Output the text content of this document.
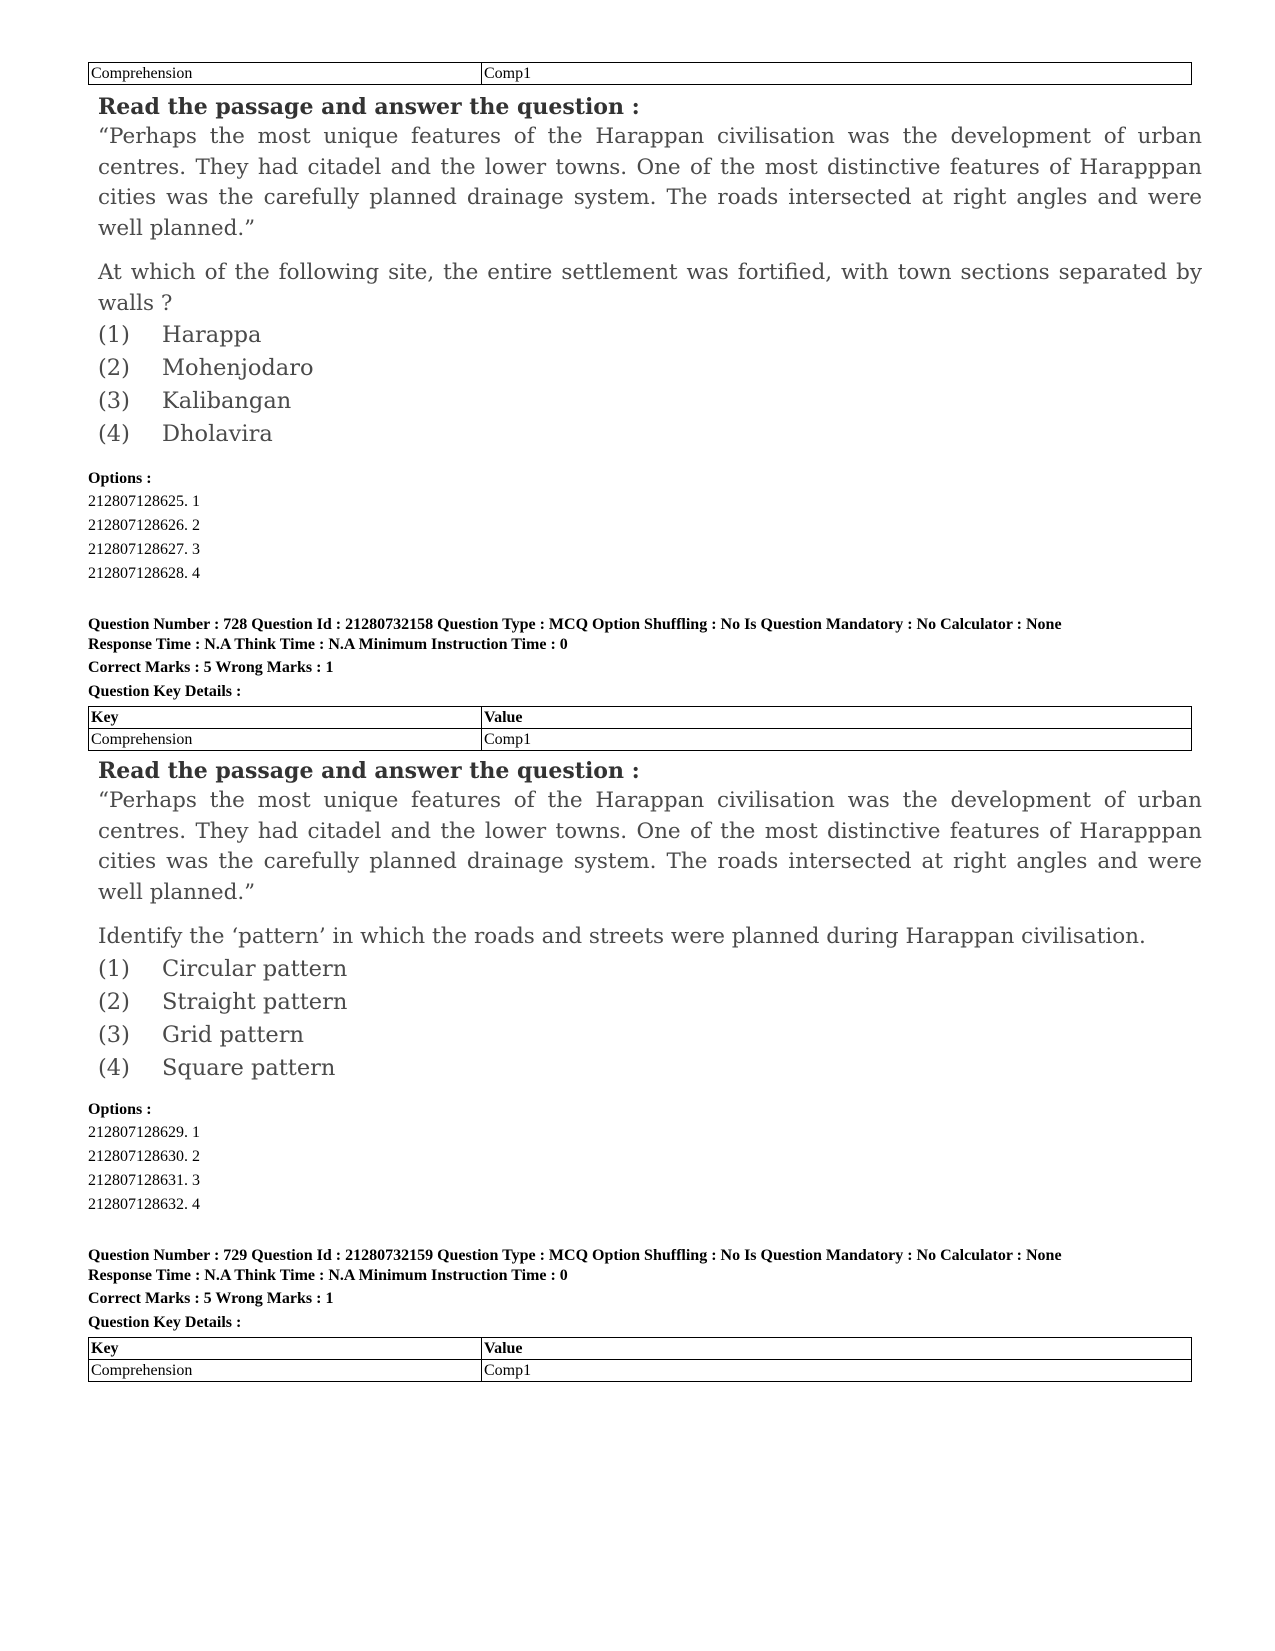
Comprehension	Comp1
Read the passage and answer the question :

“Perhaps the most unique features of the Harappan civilisation was the development of urban centres. They had citadel and the lower towns. One of the most distinctive features of Harapppan cities was the carefully planned drainage system. The roads intersected at right angles and were well planned.”

At which of the following site, the entire settlement was fortified, with town sections separated by walls ?

(1)	Harappa
(2)	Mohenjodaro
(3)	Kalibangan
(4)	Dholavira
Options :
212807128625. 1
212807128626. 2
212807128627. 3
212807128628. 4
Question Number : 728 Question Id : 21280732158 Question Type : MCQ Option Shuffling : No Is Question Mandatory : No Calculator : None
Response Time : N.A Think Time : N.A Minimum Instruction Time : 0
Correct Marks : 5 Wrong Marks : 1
Question Key Details :
Key	Value
Comprehension	Comp1
Read the passage and answer the question :

“Perhaps the most unique features of the Harappan civilisation was the development of urban centres. They had citadel and the lower towns. One of the most distinctive features of Harapppan cities was the carefully planned drainage system. The roads intersected at right angles and were well planned.”

Identify the ‘pattern’ in which the roads and streets were planned during Harappan civilisation.

(1)	Circular pattern
(2)	Straight pattern
(3)	Grid pattern
(4)	Square pattern
Options :
212807128629. 1
212807128630. 2
212807128631. 3
212807128632. 4
Question Number : 729 Question Id : 21280732159 Question Type : MCQ Option Shuffling : No Is Question Mandatory : No Calculator : None
Response Time : N.A Think Time : N.A Minimum Instruction Time : 0
Correct Marks : 5 Wrong Marks : 1
Question Key Details :
Key	Value
Comprehension	Comp1
